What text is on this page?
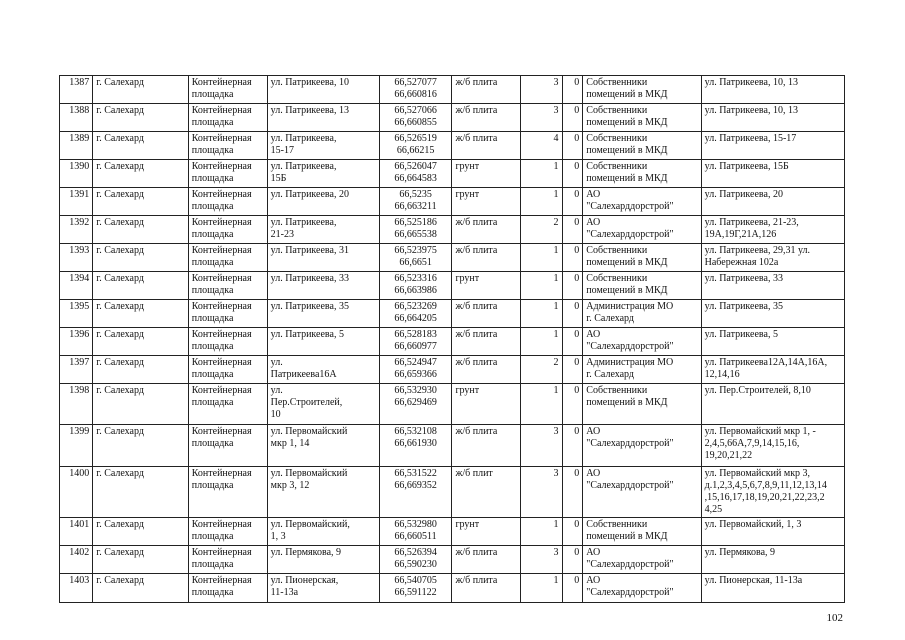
1387	г. Салехард	Контейнерная
площадка	ул. Патрикеева, 10	66,527077
66,660816	ж/б плита	3	0	Собственники
помещений в МКД	ул. Патрикеева, 10, 13

1388	г. Салехард	Контейнерная
площадка	ул. Патрикеева, 13	66,527066
66,660855	ж/б плита	3	0	Собственники
помещений в МКД	ул. Патрикеева, 10, 13

1389	г. Салехард	Контейнерная
площадка	ул. Патрикеева,
15-17	66,526519
66,66215	ж/б плита	4	0	Собственники
помещений в МКД	ул. Патрикеева, 15-17

1390	г. Салехард	Контейнерная
площадка	ул. Патрикеева,
15Б	66,526047
66,664583	грунт	1	0	Собственники
помещений в МКД	ул. Патрикеева, 15Б

1391	г. Салехард	Контейнерная
площадка	ул. Патрикеева, 20	66,5235
66,663211	грунт	1	0	АО
"Салехарддорстрой"	ул. Патрикеева, 20

1392	г. Салехард	Контейнерная
площадка	ул. Патрикеева,
21-23	66,525186
66,665538	ж/б плита	2	0	АО
"Салехарддорстрой"	ул. Патрикеева, 21-23,
19А,19Г,21А,126

1393	г. Салехард	Контейнерная
площадка	ул. Патрикеева, 31	66,523975
66,6651	ж/б плита	1	0	Собственники
помещений в МКД	ул. Патрикеева, 29,31 ул.
Набережная 102а

1394	г. Салехард	Контейнерная
площадка	ул. Патрикеева, 33	66,523316
66,663986	грунт	1	0	Собственники
помещений в МКД	ул. Патрикеева, 33

1395	г. Салехард	Контейнерная
площадка	ул. Патрикеева, 35	66,523269
66,664205	ж/б плита	1	0	Администрация МО
г. Салехард	ул. Патрикеева, 35

1396	г. Салехард	Контейнерная
площадка	ул. Патрикеева, 5	66,528183
66,660977	ж/б плита	1	0	АО
"Салехарддорстрой"	ул. Патрикеева, 5

1397	г. Салехард	Контейнерная
площадка	ул.
Патрикеева16А	66,524947
66,659366	ж/б плита	2	0	Администрация МО
г. Салехард	ул. Патрикеева12А,14А,16А,
12,14,16

1398	г. Салехард	Контейнерная
площадка	ул.
Пер.Строителей,
10	66,532930
66,629469	грунт	1	0	Собственники
помещений в МКД	ул. Пер.Строителей, 8,10

1399	г. Салехард	Контейнерная
площадка	ул. Первомайский
мкр 1, 14	66,532108
66,661930	ж/б плита	3	0	АО
"Салехарддорстрой"	ул. Первомайский мкр 1, -
2,4,5,66А,7,9,14,15,16,
19,20,21,22

1400	г. Салехард	Контейнерная
площадка	ул. Первомайский
мкр 3, 12	66,531522
66,669352	ж/б плит	3	0	АО
"Салехарддорстрой"	ул. Первомайский мкр 3,
д.1,2,3,4,5,6,7,8,9,11,12,13,14
,15,16,17,18,19,20,21,22,23,2
4,25

1401	г. Салехард	Контейнерная
площадка	ул. Первомайский,
1, 3	66,532980
66,660511	грунт	1	0	Собственники
помещений в МКД	ул. Первомайский, 1, 3

1402	г. Салехард	Контейнерная
площадка	ул. Пермякова, 9	66,526394
66,590230	ж/б плита	3	0	АО
"Салехарддорстрой"	ул. Пермякова, 9

1403	г. Салехард	Контейнерная
площадка	ул. Пионерская,
11-13а	66,540705
66,591122	ж/б плита	1	0	АО
"Салехарддорстрой"	ул. Пионерская, 11-13а
102
